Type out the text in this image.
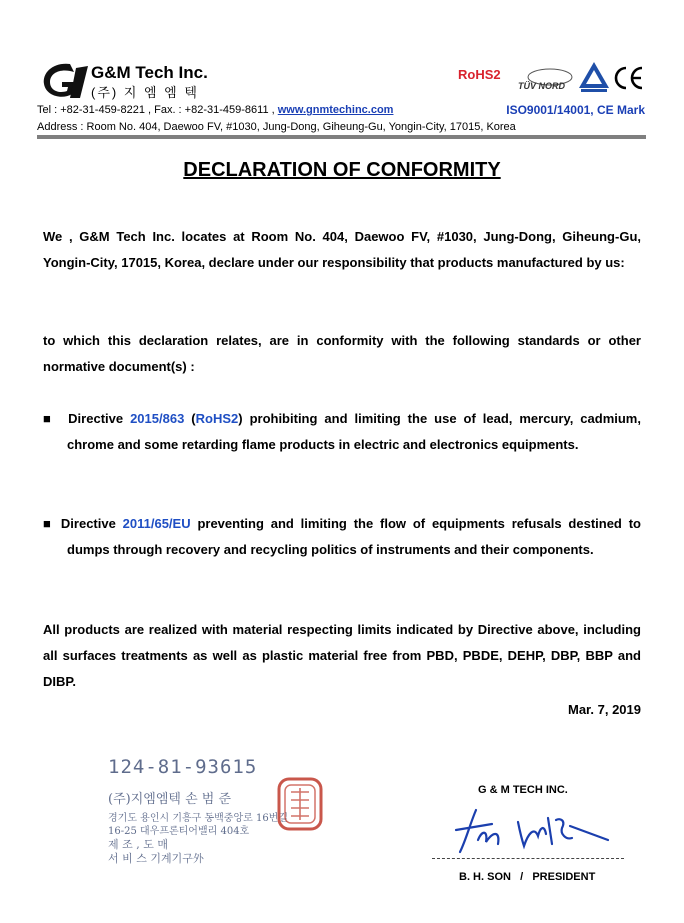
G&M Tech Inc.
(주) 지 엠 엠 텍
RoHS2
TÜV NORD
Tel : +82-31-459-8221 , Fax. : +82-31-459-8611 , www.gnmtechinc.com	ISO9001/14001, CE Mark
Address : Room No. 404, Daewoo FV, #1030, Jung-Dong, Giheung-Gu, Yongin-City, 17015, Korea
DECLARATION OF CONFORMITY
We , G&M Tech Inc. locates at Room No. 404, Daewoo FV, #1030, Jung-Dong, Giheung-Gu, Yongin-City, 17015, Korea, declare under our responsibility that products manufactured by us:
to which this declaration relates, are in conformity with the following standards or other normative document(s) :
■ Directive 2015/863 (RoHS2) prohibiting and limiting the use of lead, mercury, cadmium, chrome and some retarding flame products in electric and electronics equipments.
■ Directive 2011/65/EU preventing and limiting the flow of equipments refusals destined to dumps through recovery and recycling politics of instruments and their components.
All products are realized with material respecting limits indicated by Directive above, including all surfaces treatments as well as plastic material free from PBD, PBDE, DEHP, DBP, BBP and DIBP.
Mar. 7, 2019
124-81-93615
(주)지엠엠텍 손 범 준
경기도 용인시 기흥구 동백중앙로 16번길
16-25 대우프론티어밸리 404호
제 조 , 도 매
서 비 스 기계기구外
G & M TECH INC.
B. H. SON   /   PRESIDENT
